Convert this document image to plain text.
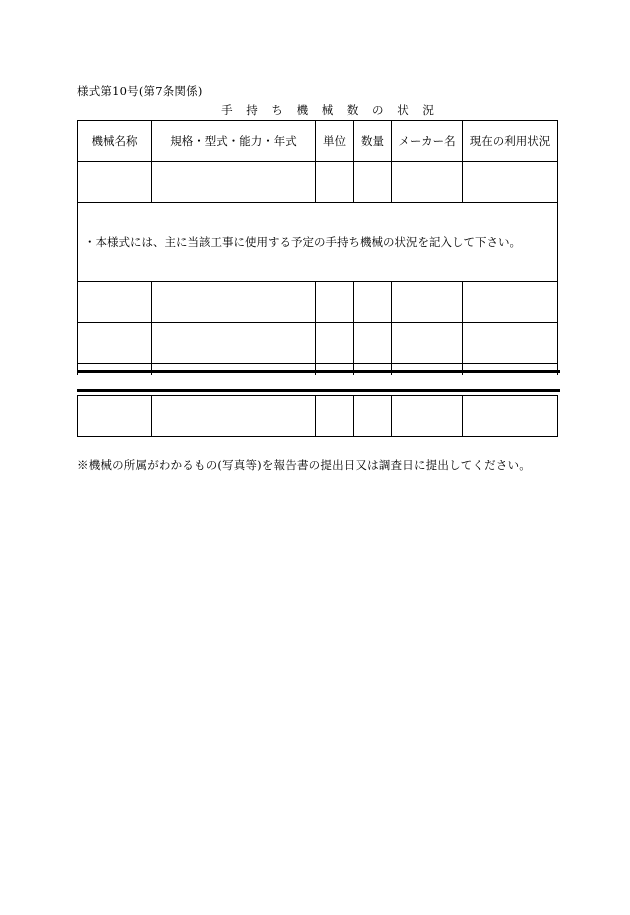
様式第10号(第7条関係)
手 持 ち 機 械 数 の 状 況
機械名称	規格・型式・能力・年式	単位	数量	メーカー名	現在の利用状況

・本様式には、主に当該工事に使用する予定の手持ち機械の状況を記入して下さい。					

※機械の所属がわかるもの(写真等)を報告書の提出日又は調査日に提出してください。
